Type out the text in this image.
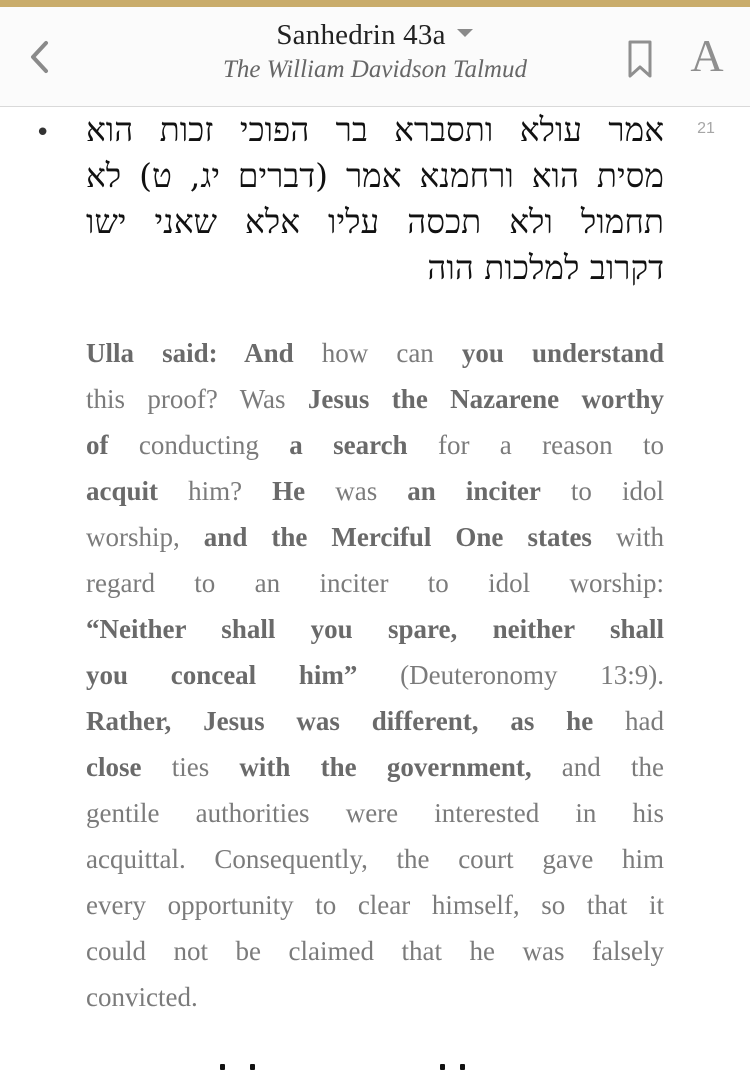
Sanhedrin 43a
The William Davidson Talmud	A
21
• אמר עולא ותסברא בר הפוכי זכות הוא
מסית הוא ורחמנא אמר (דברים יג, ט) לא
תחמול ולא תכסה עליו אלא שאני ישו
דקרוב למלכות הוה
Ulla said: And how can you understand
this proof? Was Jesus the Nazarene worthy
of conducting a search for a reason to
acquit him? He was an inciter to idol
worship, and the Merciful One states with
regard to an inciter to idol worship:
“Neither shall you spare, neither shall
you conceal him” (Deuteronomy 13:9).
Rather, Jesus was different, as he had
close ties with the government, and the
gentile authorities were interested in his
acquittal. Consequently, the court gave him
every opportunity to clear himself, so that it
could not be claimed that he was falsely
convicted.
